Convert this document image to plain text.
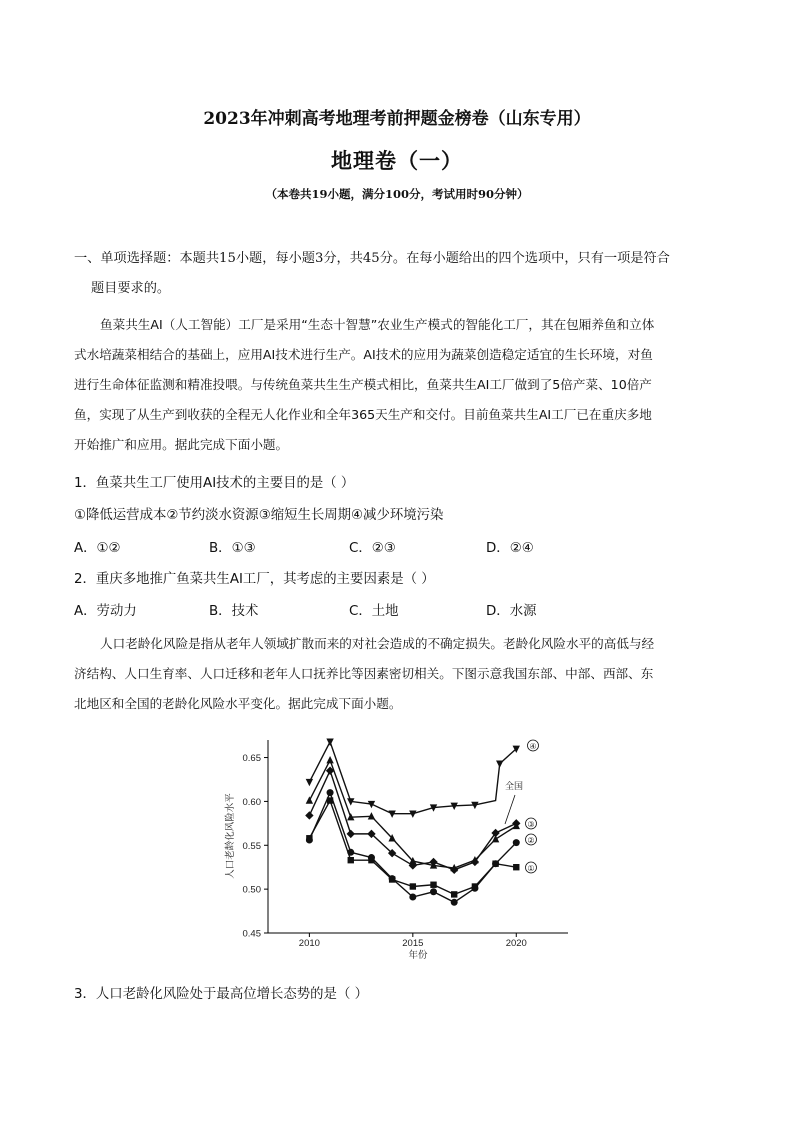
2023年冲刺高考地理考前押题金榜卷（山东专用）
地理卷（一）
（本卷共19小题，满分100分，考试用时90分钟）
一、单项选择题：本题共15小题，每小题3分，共45分。在每小题给出的四个选项中，只有一项是符合
题目要求的。
鱼菜共生AI（人工智能）工厂是采用“生态十智慧”农业生产模式的智能化工厂，其在包厢养鱼和立体
式水培蔬菜相结合的基础上，应用AI技术进行生产。AI技术的应用为蔬菜创造稳定适宜的生长环境，对鱼
进行生命体征监测和精准投喂。与传统鱼菜共生生产模式相比，鱼菜共生AI工厂做到了5倍产菜、10倍产
鱼，实现了从生产到收获的全程无人化作业和全年365天生产和交付。目前鱼菜共生AI工厂已在重庆多地
开始推广和应用。据此完成下面小题。
1．鱼菜共生工厂使用AI技术的主要目的是（ ）
①降低运营成本②节约淡水资源③缩短生长周期④减少环境污染
A．①②	B．①③	C．②③	D．②④
2．重庆多地推广鱼菜共生AI工厂，其考虑的主要因素是（ ）
A．劳动力	B．技术	C．土地	D．水源
人口老龄化风险是指从老年人领域扩散而来的对社会造成的不确定损失。老龄化风险水平的高低与经
济结构、人口生育率、人口迁移和老年人口抚养比等因素密切相关。下图示意我国东部、中部、西部、东
北地区和全国的老龄化风险水平变化。据此完成下面小题。
人口老龄化风险水平
年份
0.45
0.50
0.55
0.60
0.65
2010	2015	2020
①
②
③
④
全国
3．人口老龄化风险处于最高位增长态势的是（ ）
